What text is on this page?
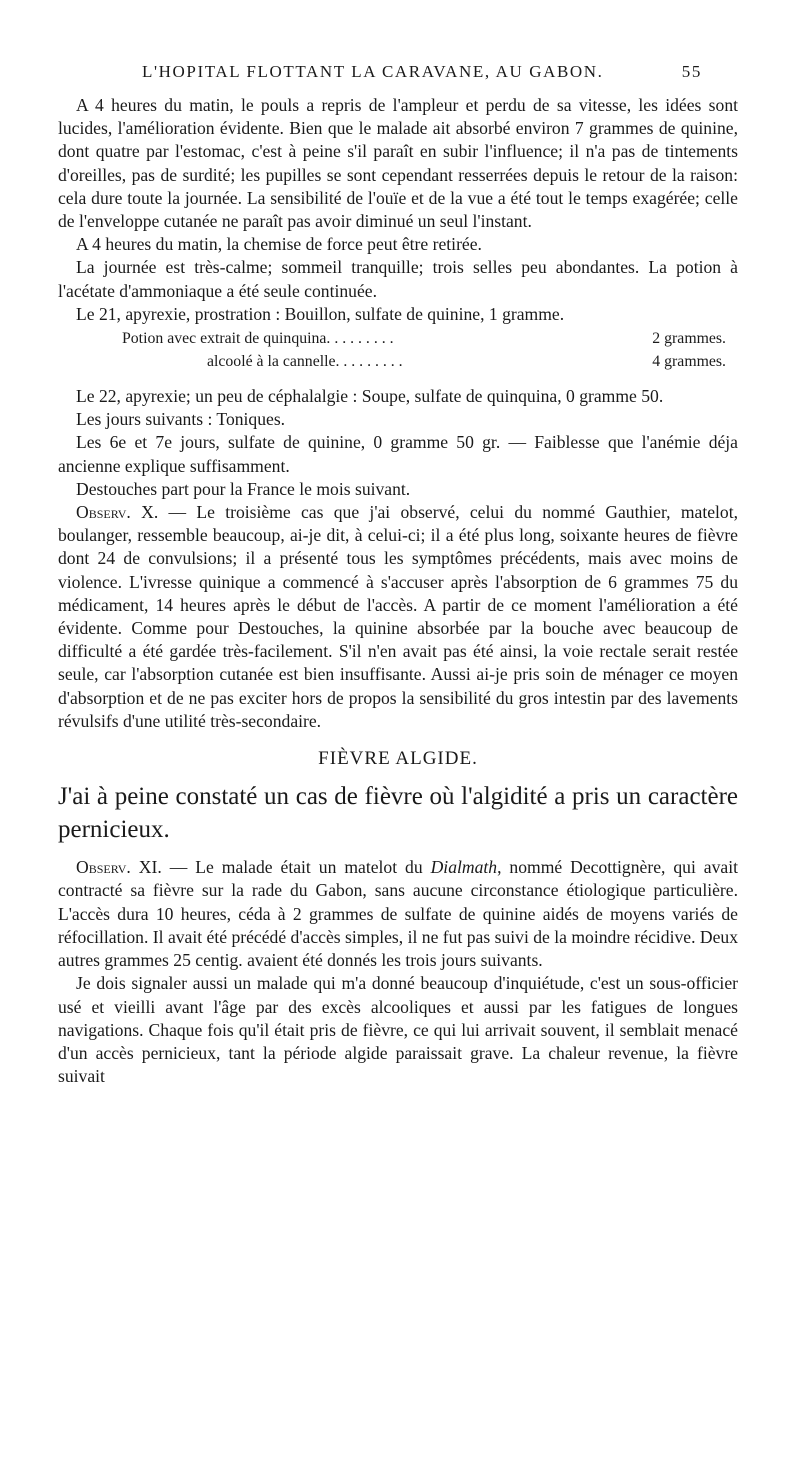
L'HOPITAL FLOTTANT LA CARAVANE, AU GABON.	55

A 4 heures du matin, le pouls a repris de l'ampleur et perdu de sa vitesse, les idées sont lucides, l'amélioration évidente. Bien que le malade ait absorbé environ 7 grammes de quinine, dont quatre par l'estomac, c'est à peine s'il paraît en subir l'influence; il n'a pas de tintements d'oreilles, pas de surdité; les pupilles se sont cependant resserrées depuis le retour de la raison: cela dure toute la journée. La sensibilité de l'ouïe et de la vue a été tout le temps exagérée; celle de l'enveloppe cutanée ne paraît pas avoir diminué un seul l'instant.

A 4 heures du matin, la chemise de force peut être retirée.

La journée est très-calme; sommeil tranquille; trois selles peu abondantes. La potion à l'acétate d'ammoniaque a été seule continuée.

Le 21, apyrexie, prostration : Bouillon, sulfate de quinine, 1 gramme.

Potion avec extrait de quinquina. . . . . . . . .	2 grammes.
alcoolé à la cannelle. . . . . . . . .	4 grammes.

Le 22, apyrexie; un peu de céphalalgie : Soupe, sulfate de quinquina, 0 gramme 50.

Les jours suivants : Toniques.

Les 6e et 7e jours, sulfate de quinine, 0 gramme 50 gr. — Faiblesse que l'anémie déja ancienne explique suffisamment.

Destouches part pour la France le mois suivant.

Observ. X. — Le troisième cas que j'ai observé, celui du nommé Gauthier, matelot, boulanger, ressemble beaucoup, ai-je dit, à celui-ci; il a été plus long, soixante heures de fièvre dont 24 de convulsions; il a présenté tous les symptômes précédents, mais avec moins de violence. L'ivresse quinique a commencé à s'accuser après l'absorption de 6 grammes 75 du médicament, 14 heures après le début de l'accès. A partir de ce moment l'amélioration a été évidente. Comme pour Destouches, la quinine absorbée par la bouche avec beaucoup de difficulté a été gardée très-facilement. S'il n'en avait pas été ainsi, la voie rectale serait restée seule, car l'absorption cutanée est bien insuffisante. Aussi ai-je pris soin de ménager ce moyen d'absorption et de ne pas exciter hors de propos la sensibilité du gros intestin par des lavements révulsifs d'une utilité très-secondaire.

FIÈVRE ALGIDE.

J'ai à peine constaté un cas de fièvre où l'algidité a pris un caractère pernicieux.

Observ. XI. — Le malade était un matelot du Dialmath, nommé Decottignère, qui avait contracté sa fièvre sur la rade du Gabon, sans aucune circonstance étiologique particulière. L'accès dura 10 heures, céda à 2 grammes de sulfate de quinine aidés de moyens variés de réfocillation. Il avait été précédé d'accès simples, il ne fut pas suivi de la moindre récidive. Deux autres grammes 25 centig. avaient été donnés les trois jours suivants.

Je dois signaler aussi un malade qui m'a donné beaucoup d'inquiétude, c'est un sous-officier usé et vieilli avant l'âge par des excès alcooliques et aussi par les fatigues de longues navigations. Chaque fois qu'il était pris de fièvre, ce qui lui arrivait souvent, il semblait menacé d'un accès pernicieux, tant la période algide paraissait grave. La chaleur revenue, la fièvre suivait
